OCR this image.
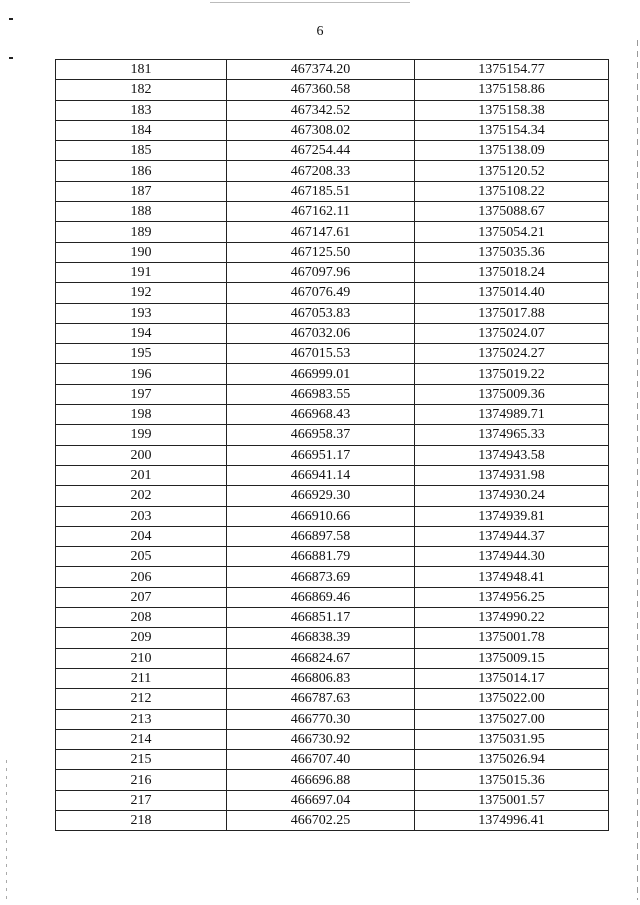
6
181	467374.20	1375154.77
182	467360.58	1375158.86
183	467342.52	1375158.38
184	467308.02	1375154.34
185	467254.44	1375138.09
186	467208.33	1375120.52
187	467185.51	1375108.22
188	467162.11	1375088.67
189	467147.61	1375054.21
190	467125.50	1375035.36
191	467097.96	1375018.24
192	467076.49	1375014.40
193	467053.83	1375017.88
194	467032.06	1375024.07
195	467015.53	1375024.27
196	466999.01	1375019.22
197	466983.55	1375009.36
198	466968.43	1374989.71
199	466958.37	1374965.33
200	466951.17	1374943.58
201	466941.14	1374931.98
202	466929.30	1374930.24
203	466910.66	1374939.81
204	466897.58	1374944.37
205	466881.79	1374944.30
206	466873.69	1374948.41
207	466869.46	1374956.25
208	466851.17	1374990.22
209	466838.39	1375001.78
210	466824.67	1375009.15
211	466806.83	1375014.17
212	466787.63	1375022.00
213	466770.30	1375027.00
214	466730.92	1375031.95
215	466707.40	1375026.94
216	466696.88	1375015.36
217	466697.04	1375001.57
218	466702.25	1374996.41
